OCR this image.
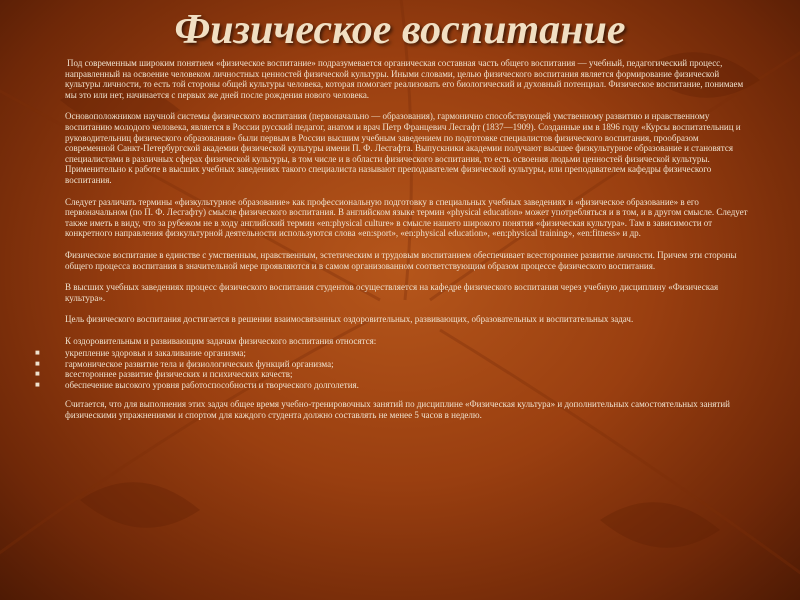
Физическое воспитание

Под современным широким понятием «физическое воспитание» подразумевается органическая составная часть общего воспитания — учебный, педагогический процесс, направленный на освоение человеком личностных ценностей физической культуры. Иными словами, целью физического воспитания является формирование физической культуры личности, то есть той стороны общей культуры человека, которая помогает реализовать его биологический и духовный потенциал. Физическое воспитание, понимаем мы это или нет, начинается с первых же дней после рождения нового человека.

Основоположником научной системы физического воспитания (первоначально — образования), гармонично способствующей умственному развитию и нравственному воспитанию молодого человека, является в России русский педагог, анатом и врач Петр Францевич Лесгафт (1837—1909). Созданные им в 1896 году «Курсы воспитательниц и руководительниц физического образования» были первым в России высшим учебным заведением по подготовке специалистов физического воспитания, прообразом современной Санкт-Петербургской академии физической культуры имени П. Ф. Лесгафта. Выпускники академии получают высшее физкультурное образование и становятся специалистами в различных сферах физической культуры, в том числе и в области физического воспитания, то есть освоения людьми ценностей физической культуры. Применительно к работе в высших учебных заведениях такого специалиста называют преподавателем физической культуры, или преподавателем кафедры физического воспитания.

Следует различать термины «физкультурное образование» как профессиональную подготовку в специальных учебных заведениях и «физическое образование» в его первоначальном (по П. Ф. Лесгафту) смысле физического воспитания. В английском языке термин «physical education» может употребляться и в том, и в другом смысле. Следует также иметь в виду, что за рубежом не в ходу английский термин «en:physical culture» в смысле нашего широкого понятия «физическая культура». Там в зависимости от конкретного направления физкультурной деятельности используются слова «en:sport», «en:physical education», «en:physical training», «en:fitness» и др.

Физическое воспитание в единстве с умственным, нравственным, эстетическим и трудовым воспитанием обеспечивает всестороннее развитие личности. Причем эти стороны общего процесса воспитания в значительной мере проявляются и в самом организованном соответствующим образом процессе физического воспитания.

В высших учебных заведениях процесс физического воспитания студентов осуществляется на кафедре физического воспитания через учебную дисциплину «Физическая культура».

Цель физического воспитания достигается в решении взаимосвязанных оздоровительных, развивающих, образовательных и воспитательных задач.

К оздоровительным и развивающим задачам физического воспитания относятся:

■	укрепление здоровья и закаливание организма;
■	гармоническое развитие тела и физиологических функций организма;
■	всестороннее развитие физических и психических качеств;
■	обеспечение высокого уровня работоспособности и творческого долголетия.

Считается, что для выполнения этих задач общее время учебно-тренировочных занятий по дисциплине «Физическая культура» и дополнительных самостоятельных занятий физическими упражнениями и спортом для каждого студента должно составлять не менее 5 часов в неделю.
